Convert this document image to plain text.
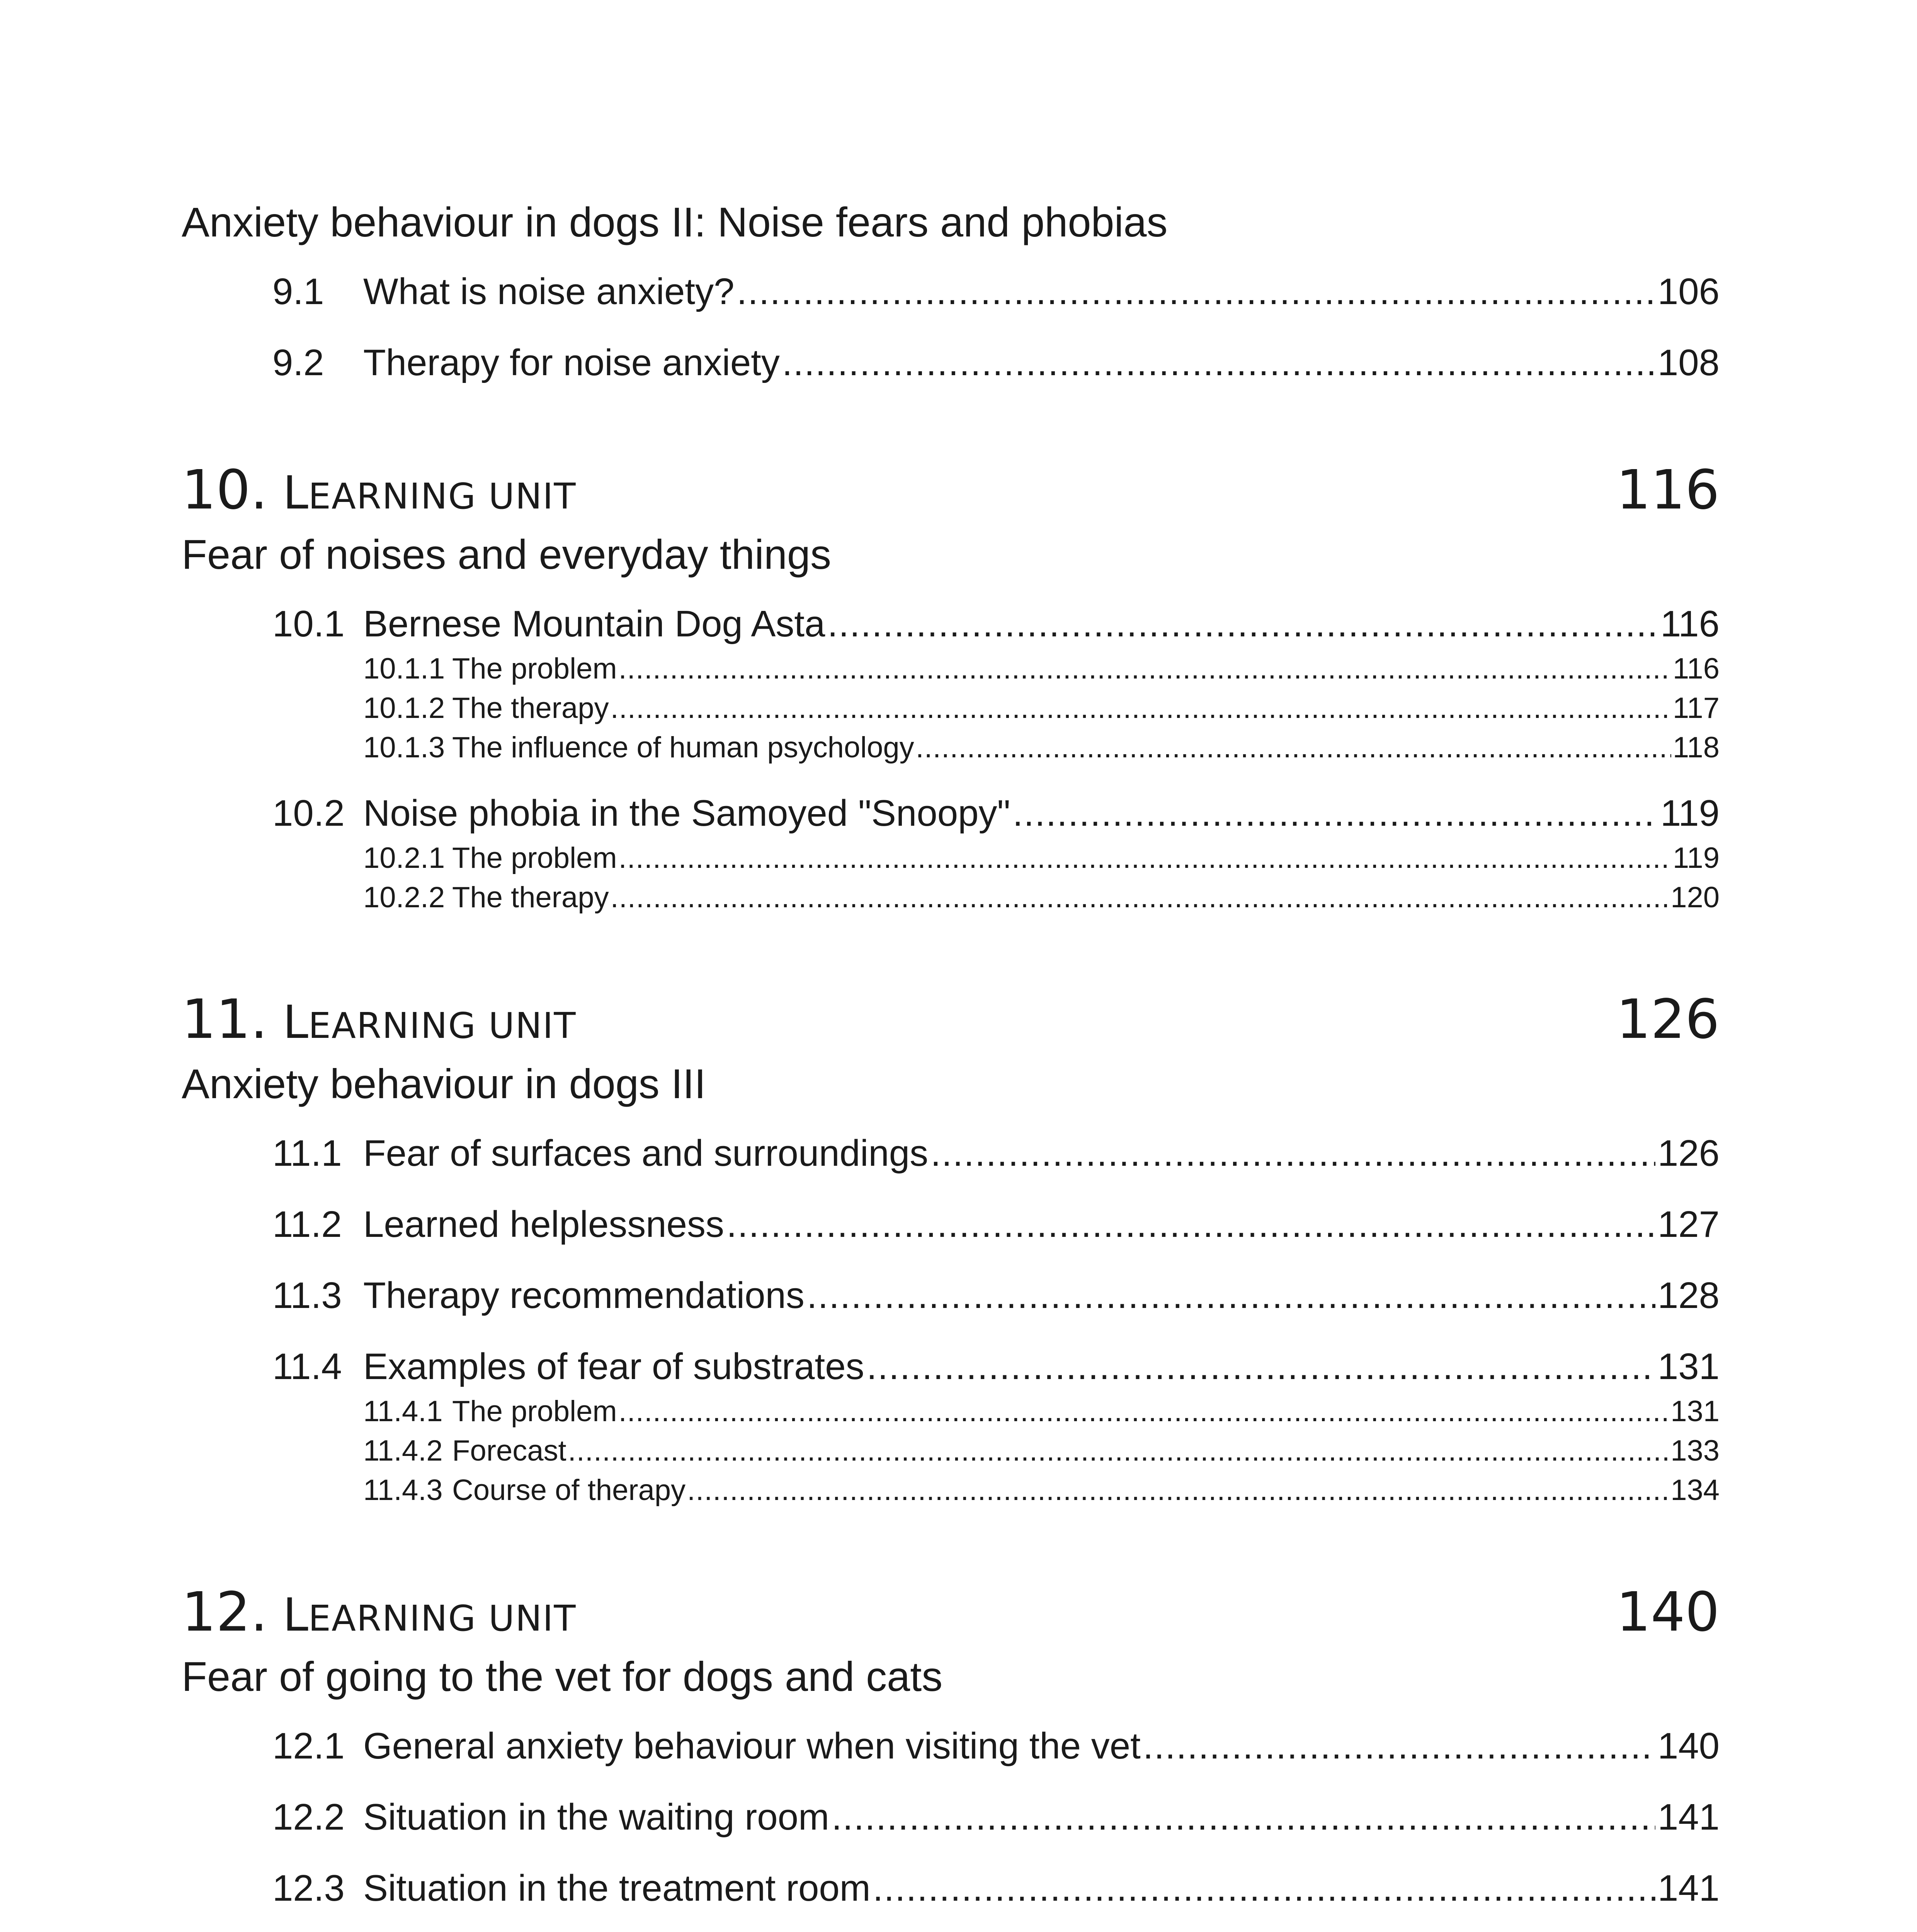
Anxiety behaviour in dogs II: Noise fears and phobias
9.1	What is noise anxiety? .....	106
9.2	Therapy for noise anxiety .....	108
10. LEARNING UNIT	116
Fear of noises and everyday things
10.1 Bernese Mountain Dog Asta .....	116
10.1.1 The problem .....	116
10.1.2 The therapy .....	117
10.1.3 The influence of human psychology .....	118
10.2 Noise phobia in the Samoyed "Snoopy" .....	119
10.2.1 The problem .....	119
10.2.2 The therapy .....	120
11. LEARNING UNIT	126
Anxiety behaviour in dogs III
11.1 Fear of surfaces and surroundings .....	126
11.2 Learned helplessness .....	127
11.3 Therapy recommendations .....	128
11.4 Examples of fear of substrates .....	131
11.4.1 The problem .....	131
11.4.2 Forecast .....	133
11.4.3 Course of therapy .....	134
12. LEARNING UNIT	140
Fear of going to the vet for dogs and cats
12.1 General anxiety behaviour when visiting the vet .....	140
12.2 Situation in the waiting room .....	141
12.3 Situation in the treatment room .....	141
